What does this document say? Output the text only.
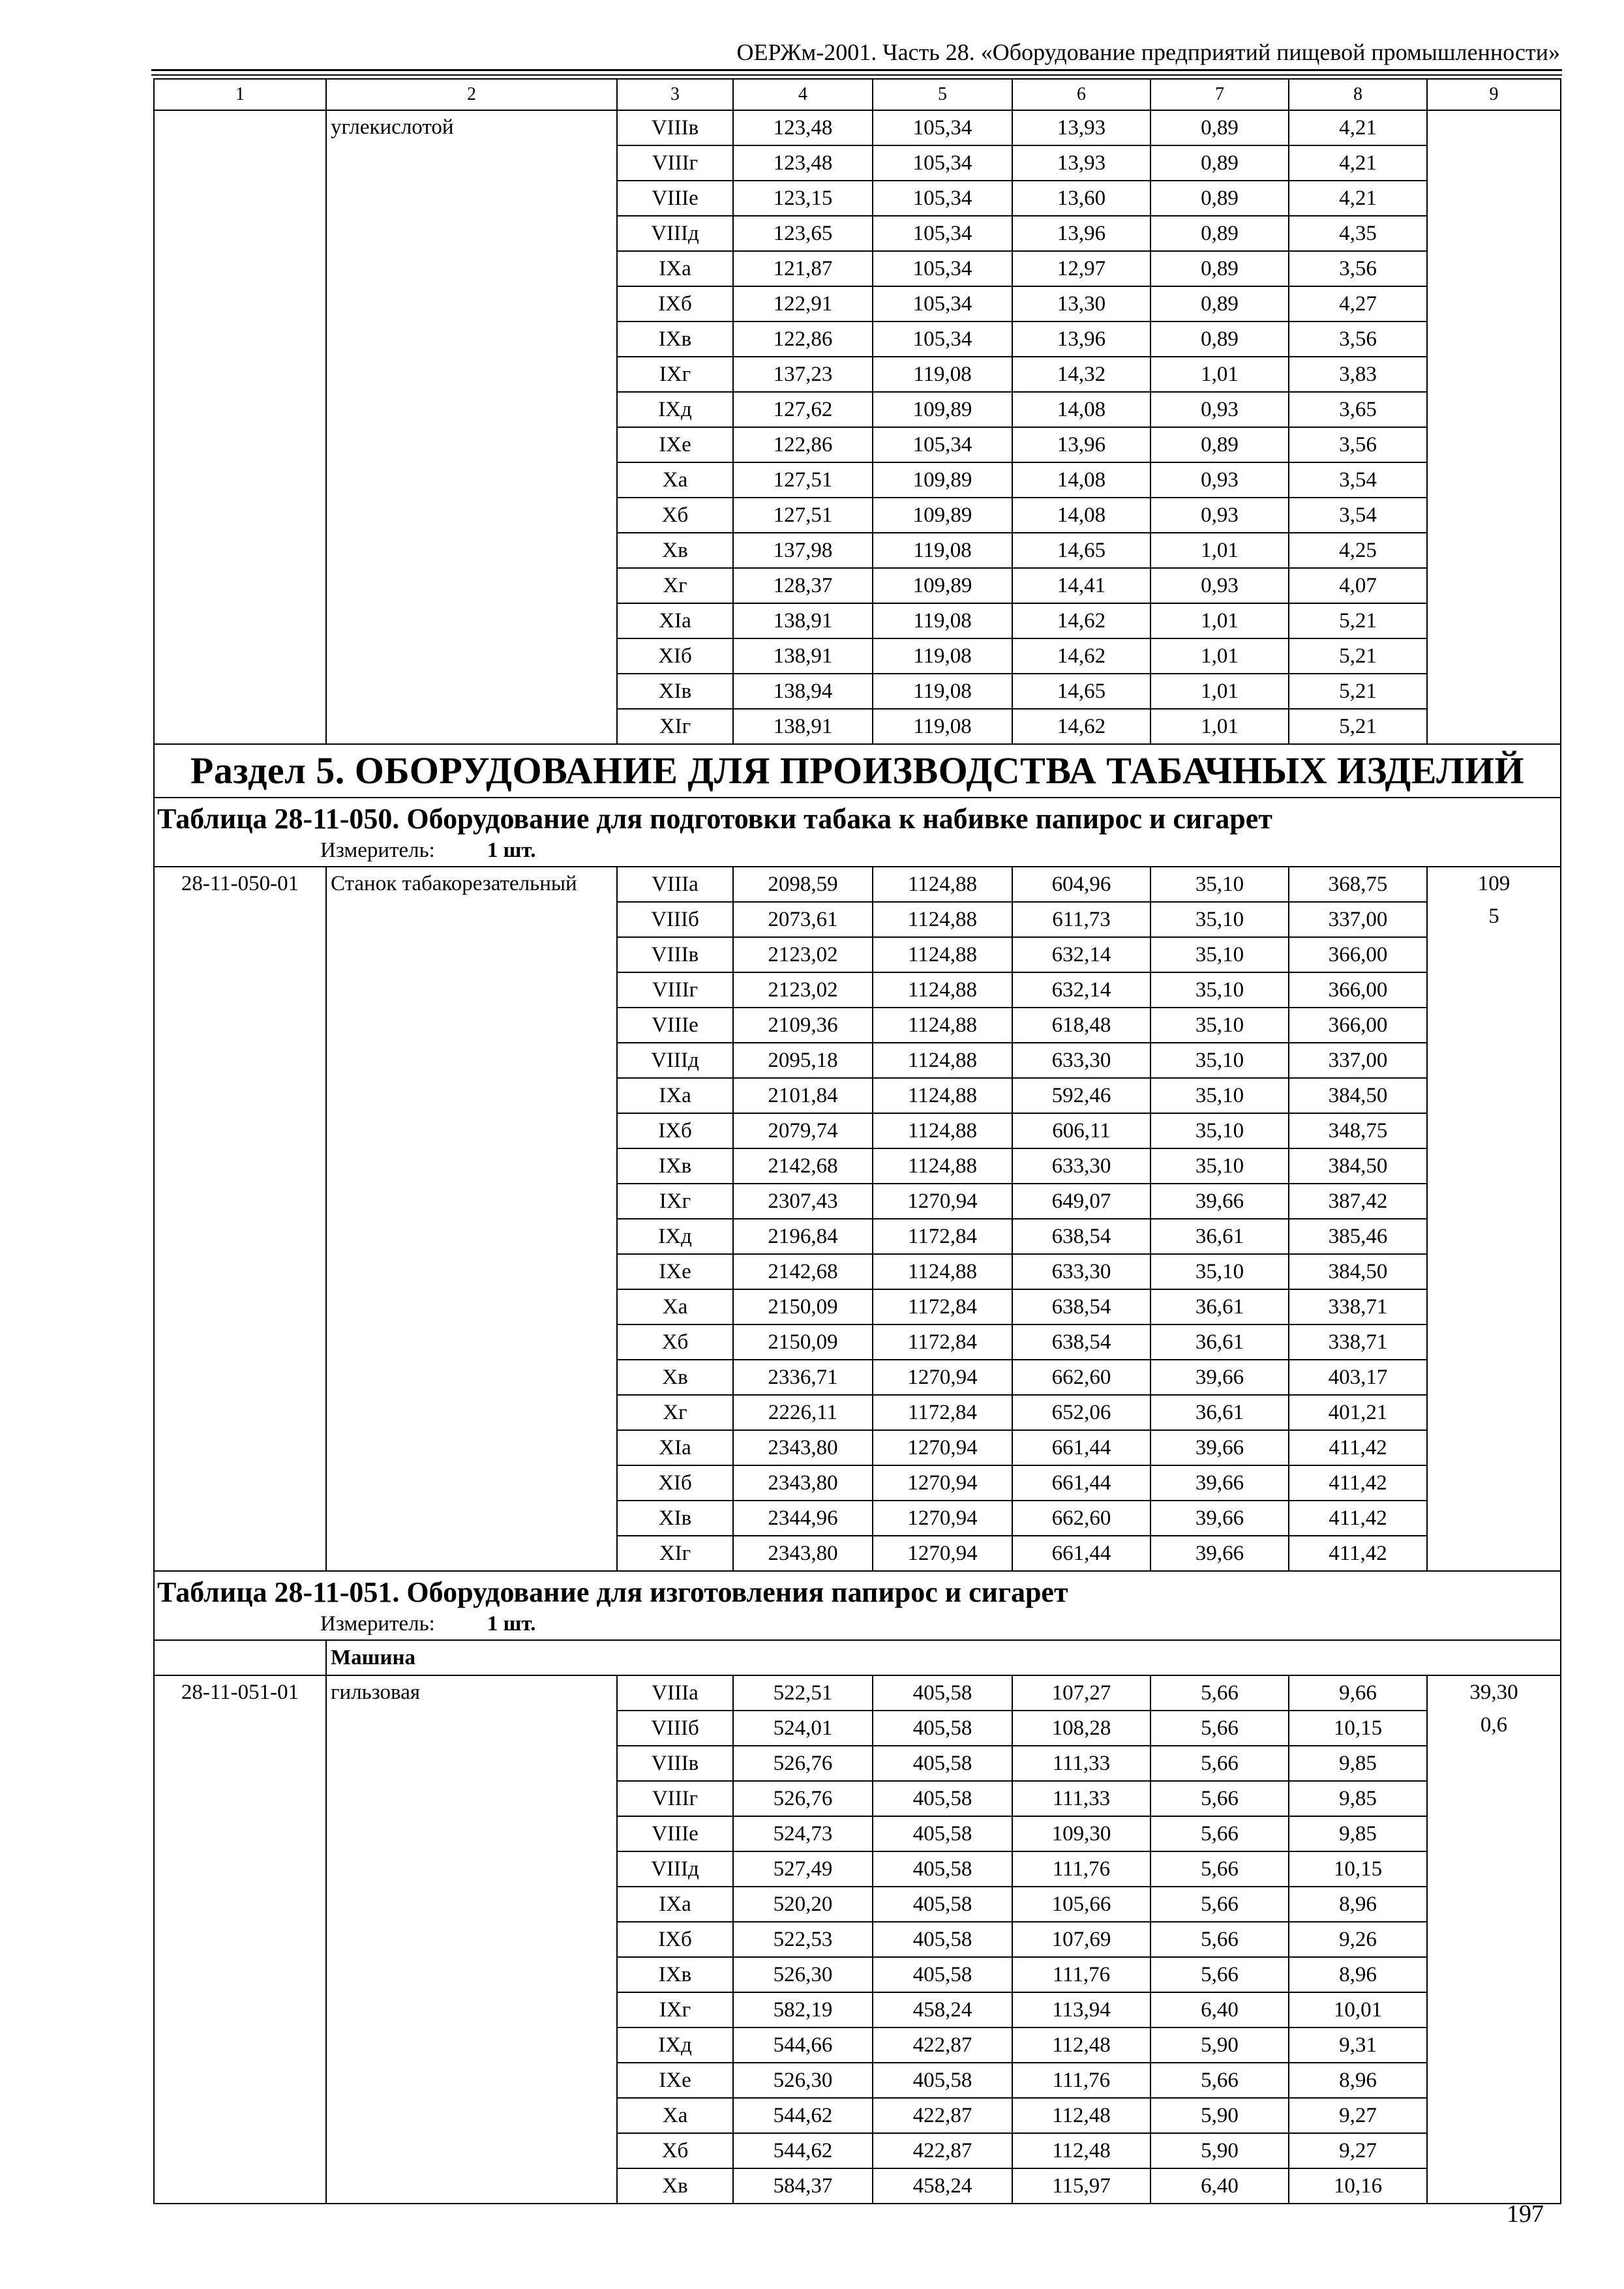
ОЕРЖм-2001. Часть 28. «Оборудование предприятий пищевой промышленности»
1	2	3	4	5	6	7	8	9
	углекислотой	VIIIв	123,48	105,34	13,93	0,89	4,21	
		VIIIг	123,48	105,34	13,93	0,89	4,21	
		VIIIе	123,15	105,34	13,60	0,89	4,21	
		VIIIд	123,65	105,34	13,96	0,89	4,35	
		IXа	121,87	105,34	12,97	0,89	3,56	
		IXб	122,91	105,34	13,30	0,89	4,27	
		IXв	122,86	105,34	13,96	0,89	3,56	
		IXг	137,23	119,08	14,32	1,01	3,83	
		IXд	127,62	109,89	14,08	0,93	3,65	
		IXе	122,86	105,34	13,96	0,89	3,56	
		Xа	127,51	109,89	14,08	0,93	3,54	
		Xб	127,51	109,89	14,08	0,93	3,54	
		Xв	137,98	119,08	14,65	1,01	4,25	
		Xг	128,37	109,89	14,41	0,93	4,07	
		XIа	138,91	119,08	14,62	1,01	5,21	
		XIб	138,91	119,08	14,62	1,01	5,21	
		XIв	138,94	119,08	14,65	1,01	5,21	
		XIг	138,91	119,08	14,62	1,01	5,21	
Раздел 5. ОБОРУДОВАНИЕ ДЛЯ ПРОИЗВОДСТВА ТАБАЧНЫХ ИЗДЕЛИЙ								

Таблица 28-11-050. Оборудование для подготовки табака к набивке папирос и сигарет
Измеритель: 1 шт.								

28-11-050-01	Станок табакорезательный	VIIIа	2098,59	1124,88	604,96	35,10	368,75	109
5

		VIIIб	2073,61	1124,88	611,73	35,10	337,00	
		VIIIв	2123,02	1124,88	632,14	35,10	366,00	
		VIIIг	2123,02	1124,88	632,14	35,10	366,00	
		VIIIе	2109,36	1124,88	618,48	35,10	366,00	
		VIIIд	2095,18	1124,88	633,30	35,10	337,00	
		IXа	2101,84	1124,88	592,46	35,10	384,50	
		IXб	2079,74	1124,88	606,11	35,10	348,75	
		IXв	2142,68	1124,88	633,30	35,10	384,50	
		IXг	2307,43	1270,94	649,07	39,66	387,42	
		IXд	2196,84	1172,84	638,54	36,61	385,46	
		IXе	2142,68	1124,88	633,30	35,10	384,50	
		Xа	2150,09	1172,84	638,54	36,61	338,71	
		Xб	2150,09	1172,84	638,54	36,61	338,71	
		Xв	2336,71	1270,94	662,60	39,66	403,17	
		Xг	2226,11	1172,84	652,06	36,61	401,21	
		XIа	2343,80	1270,94	661,44	39,66	411,42	
		XIб	2343,80	1270,94	661,44	39,66	411,42	
		XIв	2344,96	1270,94	662,60	39,66	411,42	
		XIг	2343,80	1270,94	661,44	39,66	411,42	

Таблица 28-11-051. Оборудование для изготовления папирос и сигарет
Измеритель: 1 шт.								

	Машина							
28-11-051-01	гильзовая	VIIIа	522,51	405,58	107,27	5,66	9,66	39,30
0,6

		VIIIб	524,01	405,58	108,28	5,66	10,15	
		VIIIв	526,76	405,58	111,33	5,66	9,85	
		VIIIг	526,76	405,58	111,33	5,66	9,85	
		VIIIе	524,73	405,58	109,30	5,66	9,85	
		VIIIд	527,49	405,58	111,76	5,66	10,15	
		IXа	520,20	405,58	105,66	5,66	8,96	
		IXб	522,53	405,58	107,69	5,66	9,26	
		IXв	526,30	405,58	111,76	5,66	8,96	
		IXг	582,19	458,24	113,94	6,40	10,01	
		IXд	544,66	422,87	112,48	5,90	9,31	
		IXе	526,30	405,58	111,76	5,66	8,96	
		Xа	544,62	422,87	112,48	5,90	9,27	
		Xб	544,62	422,87	112,48	5,90	9,27	
		Xв	584,37	458,24	115,97	6,40	10,16	
197
